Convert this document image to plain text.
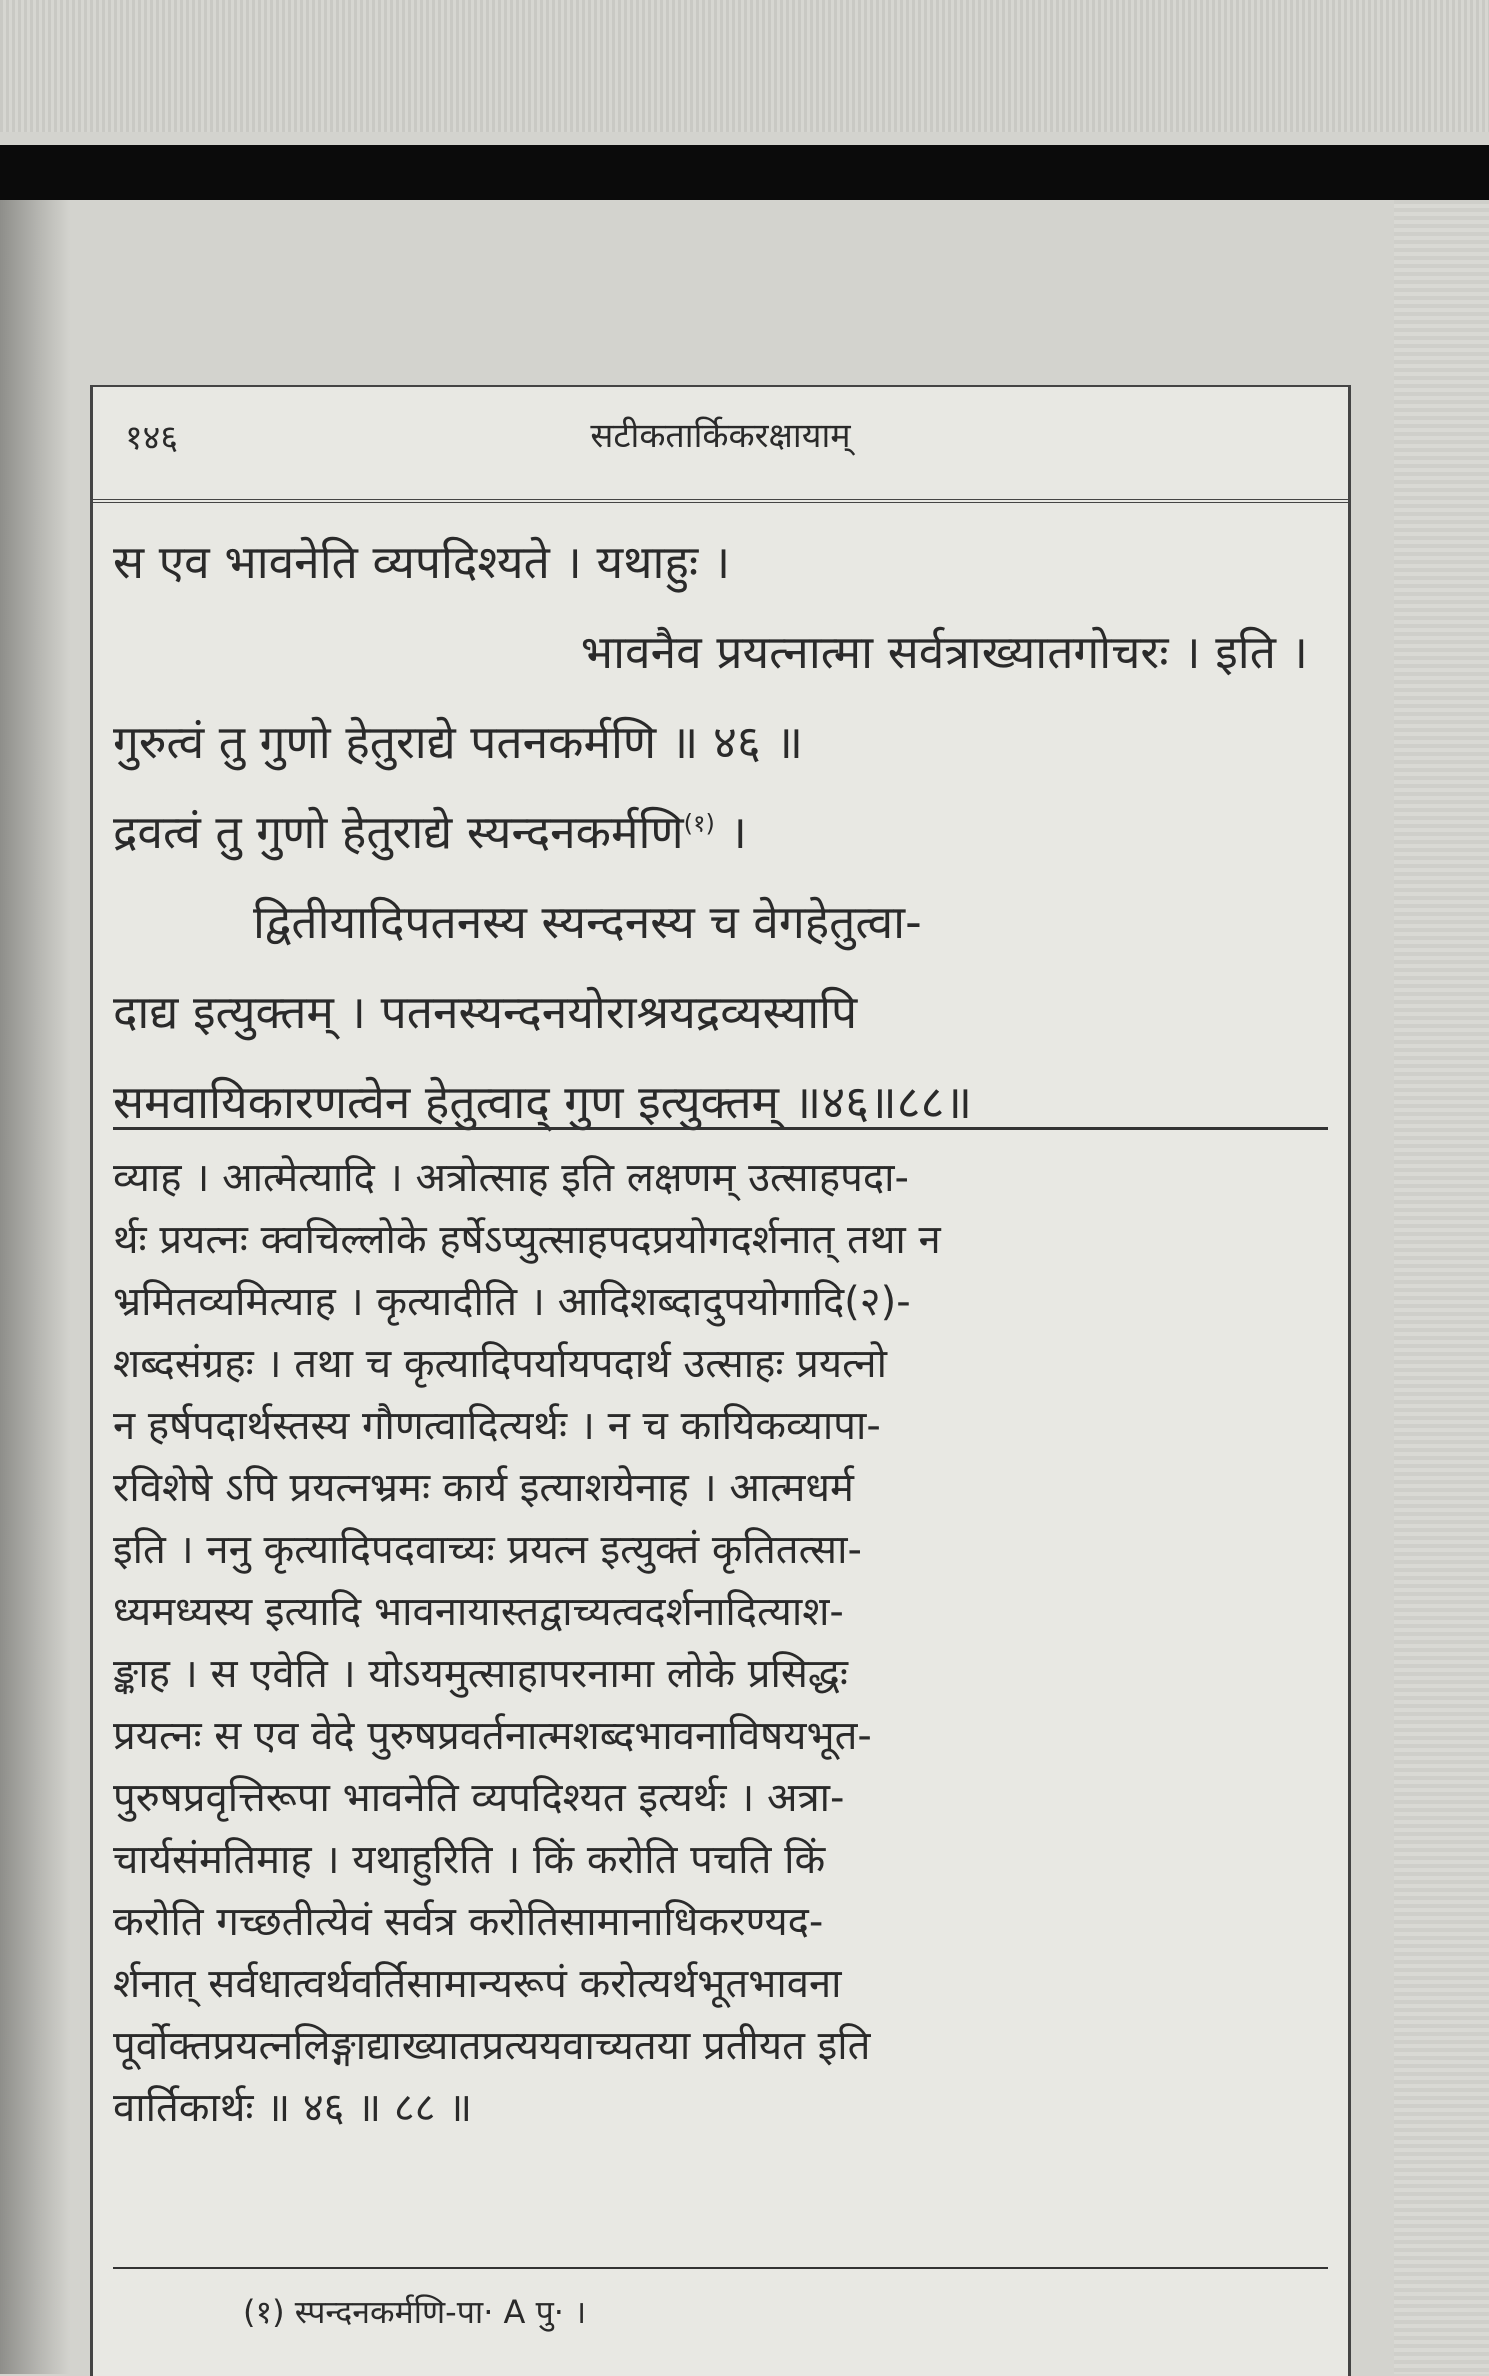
१४६	सटीकतार्किकरक्षायाम्
स एव भावनेति व्यपदिश्यते । यथाहुः ।
भावनैव प्रयत्नात्मा सर्वत्राख्यातगोचरः । इति ।
गुरुत्वं तु गुणो हेतुराद्ये पतनकर्मणि ॥ ४६ ॥
द्रवत्वं तु गुणो हेतुराद्ये स्यन्दनकर्मणि$^{(१)}$ ।
द्वितीयादिपतनस्य स्यन्दनस्य च वेगहेतुत्वा-
दाद्य इत्युक्तम् । पतनस्यन्दनयोराश्रयद्रव्यस्यापि
समवायिकारणत्वेन हेतुत्वाद् गुण इत्युक्तम् ॥४६॥८८॥
व्याह । आत्मेत्यादि । अत्रोत्साह इति लक्षणम् उत्साहपदा-
र्थः प्रयत्नः क्वचिल्लोके हर्षेऽप्युत्साहपदप्रयोगदर्शनात् तथा न
भ्रमितव्यमित्याह । कृत्यादीति । आदिशब्दादुपयोगादि(२)-
शब्दसंग्रहः । तथा च कृत्यादिपर्यायपदार्थ उत्साहः प्रयत्नो
न हर्षपदार्थस्तस्य गौणत्वादित्यर्थः । न च कायिकव्यापा-
रविशेषे ऽपि प्रयत्नभ्रमः कार्य इत्याशयेनाह । आत्मधर्म
इति । ननु कृत्यादिपदवाच्यः प्रयत्न इत्युक्तं कृतितत्सा-
ध्यमध्यस्य इत्यादि भावनायास्तद्वाच्यत्वदर्शनादित्याश-
ङ्काह । स एवेति । योऽयमुत्साहापरनामा लोके प्रसिद्धः
प्रयत्नः स एव वेदे पुरुषप्रवर्तनात्मशब्दभावनाविषयभूत-
पुरुषप्रवृत्तिरूपा भावनेति व्यपदिश्यत इत्यर्थः । अत्रा-
चार्यसंमतिमाह । यथाहुरिति । किं करोति पचति किं
करोति गच्छतीत्येवं सर्वत्र करोतिसामानाधिकरण्यद-
र्शनात् सर्वधात्वर्थवर्तिसामान्यरूपं करोत्यर्थभूतभावना
पूर्वोक्तप्रयत्नलिङ्गाद्याख्यातप्रत्ययवाच्यतया प्रतीयत इति
वार्तिकार्थः ॥ ४६ ॥ ८८ ॥
(१) स्पन्दनकर्मणि-पा· A पु· ।
